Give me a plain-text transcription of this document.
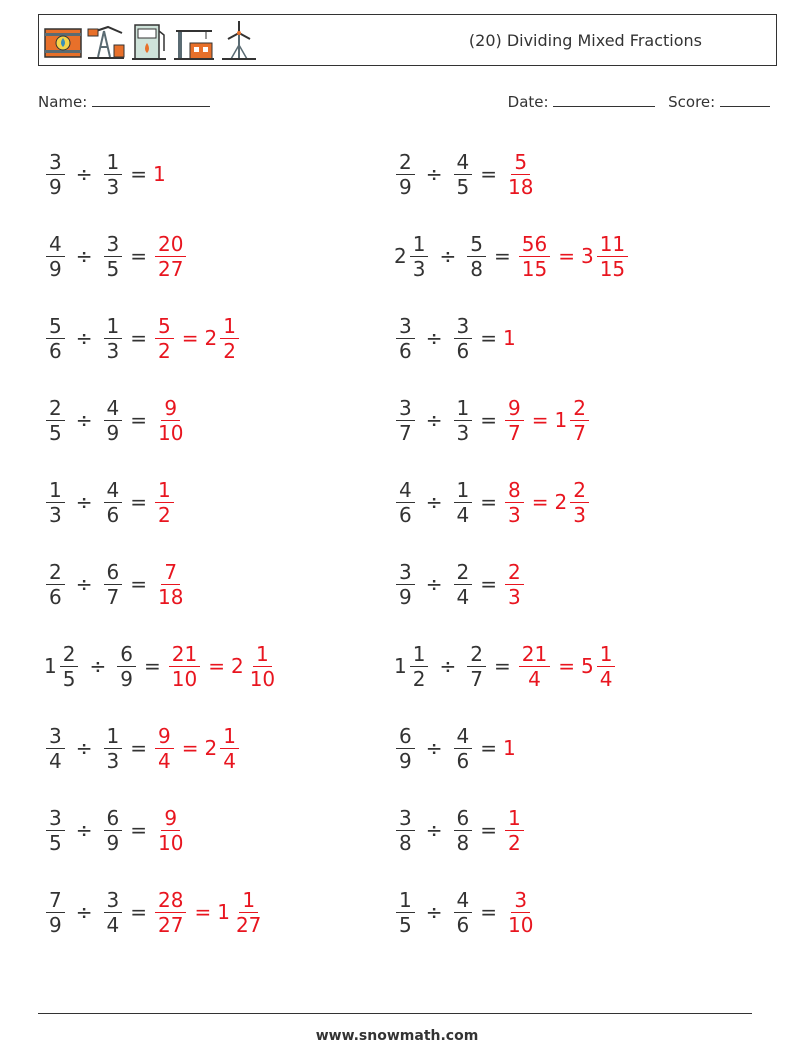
(20) Dividing Mixed Fractions
Name:	Date:	Score:
$\frac{3}{9} \div \frac{1}{3} = 1$	$\frac{2}{9} \div \frac{4}{5} = \frac{5}{18}$
$\frac{4}{9} \div \frac{3}{5} = \frac{20}{27}$	$2 \frac{1}{3} \div \frac{5}{8} = \frac{56}{15} = 3 \frac{11}{15}$
$\frac{5}{6} \div \frac{1}{3} = \frac{5}{2} = 2 \frac{1}{2}$	$\frac{3}{6} \div \frac{3}{6} = 1$
$\frac{2}{5} \div \frac{4}{9} = \frac{9}{10}$	$\frac{3}{7} \div \frac{1}{3} = \frac{9}{7} = 1 \frac{2}{7}$
$\frac{1}{3} \div \frac{4}{6} = \frac{1}{2}$	$\frac{4}{6} \div \frac{1}{4} = \frac{8}{3} = 2 \frac{2}{3}$
$\frac{2}{6} \div \frac{6}{7} = \frac{7}{18}$	$\frac{3}{9} \div \frac{2}{4} = \frac{2}{3}$
$1 \frac{2}{5} \div \frac{6}{9} = \frac{21}{10} = 2 \frac{1}{10}$	$1 \frac{1}{2} \div \frac{2}{7} = \frac{21}{4} = 5 \frac{1}{4}$
$\frac{3}{4} \div \frac{1}{3} = \frac{9}{4} = 2 \frac{1}{4}$	$\frac{6}{9} \div \frac{4}{6} = 1$
$\frac{3}{5} \div \frac{6}{9} = \frac{9}{10}$	$\frac{3}{8} \div \frac{6}{8} = \frac{1}{2}$
$\frac{7}{9} \div \frac{3}{4} = \frac{28}{27} = 1 \frac{1}{27}$	$\frac{1}{5} \div \frac{4}{6} = \frac{3}{10}$
www.snowmath.com
